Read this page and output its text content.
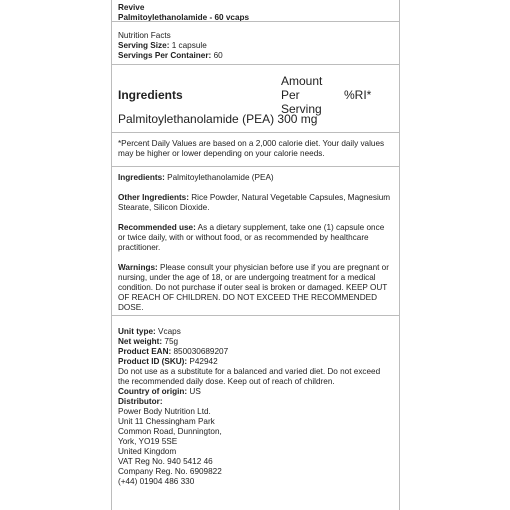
Revive

Palmitoylethanolamide - 60 vcaps

Nutrition Facts

Serving Size: 1 capsule

Servings Per Container: 60

Ingredients
Amount Per Serving
%RI*
Palmitoylethanolamide (PEA) 300 mg

*Percent Daily Values are based on a 2,000 calorie diet. Your daily values may be higher or lower depending on your calorie needs.

Ingredients: Palmitoylethanolamide (PEA)

Other Ingredients: Rice Powder, Natural Vegetable Capsules, Magnesium Stearate, Silicon Dioxide.

Recommended use: As a dietary supplement, take one (1) capsule once or twice daily, with or without food, or as recommended by healthcare practitioner.

Warnings: Please consult your physician before use if you are pregnant or nursing, under the age of 18, or are undergoing treatment for a medical condition. Do not purchase if outer seal is broken or damaged. KEEP OUT OF REACH OF CHILDREN. DO NOT EXCEED THE RECOMMENDED DOSE.

Unit type: Vcaps

Net weight: 75g

Product EAN: 850030689207

Product ID (SKU): P42942

Do not use as a substitute for a balanced and varied diet. Do not exceed the recommended daily dose. Keep out of reach of children.

Country of origin: US

Distributor:

Power Body Nutrition Ltd.

Unit 11 Chessingham Park

Common Road, Dunnington,

York, YO19 5SE

United Kingdom

VAT Reg No. 940 5412 46

Company Reg. No. 6909822

(+44) 01904 486 330
